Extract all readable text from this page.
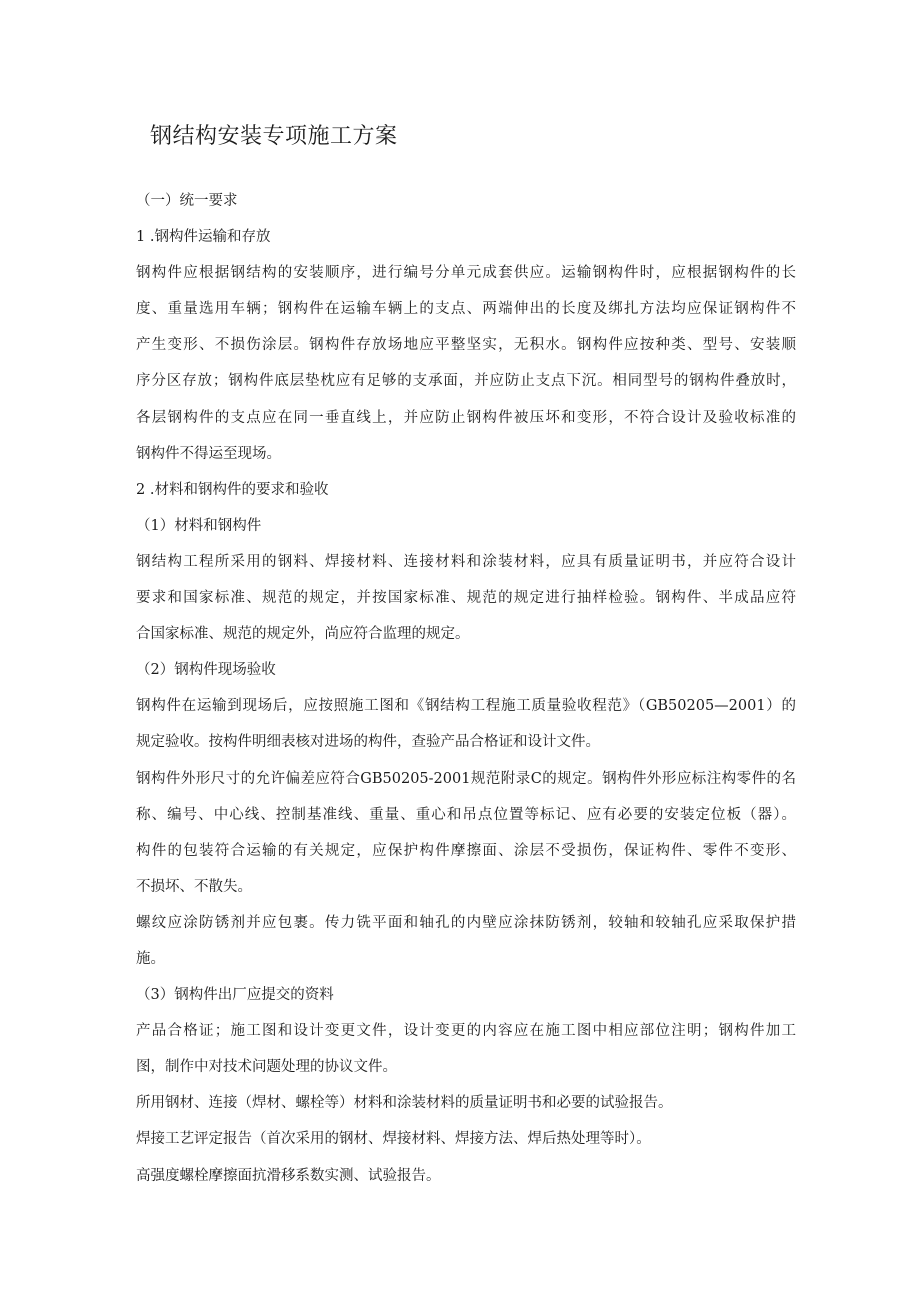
钢结构安装专项施工方案
（一）统一要求
1 .钢构件运输和存放
钢构件应根据钢结构的安装顺序，进行编号分单元成套供应。运输钢构件时，应根据钢构件的长
度、重量选用车辆；钢构件在运输车辆上的支点、两端伸出的长度及绑扎方法均应保证钢构件不
产生变形、不损伤涂层。钢构件存放场地应平整坚实，无积水。钢构件应按种类、型号、安装顺
序分区存放；钢构件底层垫枕应有足够的支承面，并应防止支点下沉。相同型号的钢构件叠放时，
各层钢构件的支点应在同一垂直线上，并应防止钢构件被压坏和变形，不符合设计及验收标准的
钢构件不得运至现场。
2 .材料和钢构件的要求和验收
（1）材料和钢构件
钢结构工程所采用的钢料、焊接材料、连接材料和涂装材料，应具有质量证明书，并应符合设计
要求和国家标准、规范的规定，并按国家标准、规范的规定进行抽样检验。钢构件、半成品应符
合国家标准、规范的规定外，尚应符合监理的规定。
（2）钢构件现场验收
钢构件在运输到现场后，应按照施工图和《钢结构工程施工质量验收程范》（GB50205—2001）的
规定验收。按构件明细表核对进场的构件，查验产品合格证和设计文件。
钢构件外形尺寸的允许偏差应符合GB50205-2001规范附录C的规定。钢构件外形应标注构零件的名
称、编号、中心线、控制基准线、重量、重心和吊点位置等标记、应有必要的安装定位板（器）。
构件的包装符合运输的有关规定，应保护构件摩擦面、涂层不受损伤，保证构件、零件不变形、
不损坏、不散失。
螺纹应涂防锈剂并应包裹。传力铣平面和轴孔的内壁应涂抹防锈剂，较轴和较轴孔应采取保护措
施。
（3）钢构件出厂应提交的资料
产品合格证；施工图和设计变更文件，设计变更的内容应在施工图中相应部位注明；钢构件加工
图，制作中对技术问题处理的协议文件。
所用钢材、连接（焊材、螺栓等）材料和涂装材料的质量证明书和必要的试验报告。
焊接工艺评定报告（首次采用的钢材、焊接材料、焊接方法、焊后热处理等时）。
高强度螺栓摩擦面抗滑移系数实测、试验报告。
